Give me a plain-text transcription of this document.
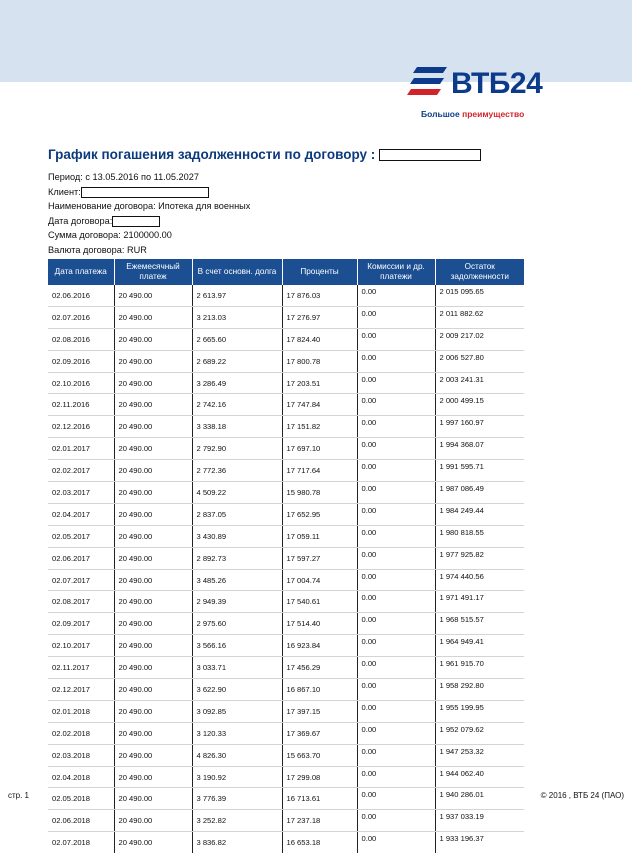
ВТБ24
Большое преимущество
График погашения задолженности по договору :
Период: с 13.05.2016 по 11.05.2027
Клиент:
Наименование договора: Ипотека для военных
Дата договора:
Сумма договора: 2100000.00
Валюта договора: RUR
Дата платежа	Ежемесячный платеж	В счет основн. долга	Проценты	Комиссии и др. платежи	Остаток задолженности
02.06.2016	20 490.00	2 613.97	17 876.03	0.00	2 015 095.65
02.07.2016	20 490.00	3 213.03	17 276.97	0.00	2 011 882.62
02.08.2016	20 490.00	2 665.60	17 824.40	0.00	2 009 217.02
02.09.2016	20 490.00	2 689.22	17 800.78	0.00	2 006 527.80
02.10.2016	20 490.00	3 286.49	17 203.51	0.00	2 003 241.31
02.11.2016	20 490.00	2 742.16	17 747.84	0.00	2 000 499.15
02.12.2016	20 490.00	3 338.18	17 151.82	0.00	1 997 160.97
02.01.2017	20 490.00	2 792.90	17 697.10	0.00	1 994 368.07
02.02.2017	20 490.00	2 772.36	17 717.64	0.00	1 991 595.71
02.03.2017	20 490.00	4 509.22	15 980.78	0.00	1 987 086.49
02.04.2017	20 490.00	2 837.05	17 652.95	0.00	1 984 249.44
02.05.2017	20 490.00	3 430.89	17 059.11	0.00	1 980 818.55
02.06.2017	20 490.00	2 892.73	17 597.27	0.00	1 977 925.82
02.07.2017	20 490.00	3 485.26	17 004.74	0.00	1 974 440.56
02.08.2017	20 490.00	2 949.39	17 540.61	0.00	1 971 491.17
02.09.2017	20 490.00	2 975.60	17 514.40	0.00	1 968 515.57
02.10.2017	20 490.00	3 566.16	16 923.84	0.00	1 964 949.41
02.11.2017	20 490.00	3 033.71	17 456.29	0.00	1 961 915.70
02.12.2017	20 490.00	3 622.90	16 867.10	0.00	1 958 292.80
02.01.2018	20 490.00	3 092.85	17 397.15	0.00	1 955 199.95
02.02.2018	20 490.00	3 120.33	17 369.67	0.00	1 952 079.62
02.03.2018	20 490.00	4 826.30	15 663.70	0.00	1 947 253.32
02.04.2018	20 490.00	3 190.92	17 299.08	0.00	1 944 062.40
02.05.2018	20 490.00	3 776.39	16 713.61	0.00	1 940 286.01
02.06.2018	20 490.00	3 252.82	17 237.18	0.00	1 937 033.19
02.07.2018	20 490.00	3 836.82	16 653.18	0.00	1 933 196.37
стр. 1	© 2016 , ВТБ 24 (ПАО)
